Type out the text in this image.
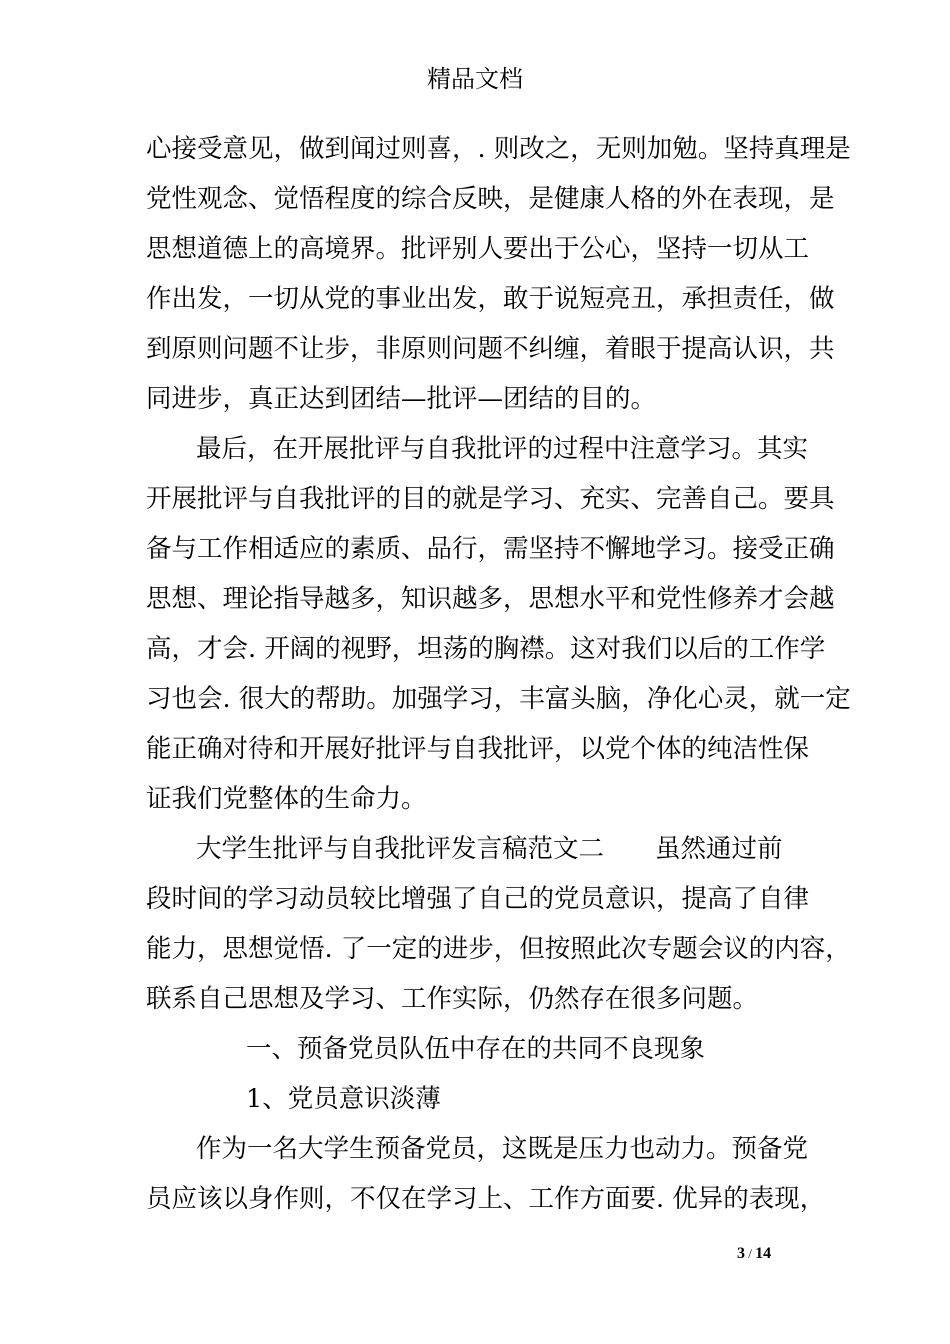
精品文档
心接受意见，做到闻过则喜，. 则改之，无则加勉。坚持真理是
党性观念、觉悟程度的综合反映，是健康人格的外在表现，是
思想道德上的高境界。批评别人要出于公心，坚持一切从工
作出发，一切从党的事业出发，敢于说短亮丑，承担责任，做
到原则问题不让步，非原则问题不纠缠，着眼于提高认识，共
同进步，真正达到团结—批评—团结的目的。
最后，在开展批评与自我批评的过程中注意学习。其实
开展批评与自我批评的目的就是学习、充实、完善自己。要具
备与工作相适应的素质、品行，需坚持不懈地学习。接受正确
思想、理论指导越多，知识越多，思想水平和党性修养才会越
高，才会. 开阔的视野，坦荡的胸襟。这对我们以后的工作学
习也会. 很大的帮助。加强学习，丰富头脑，净化心灵，就一定
能正确对待和开展好批评与自我批评，以党个体的纯洁性保
证我们党整体的生命力。
大学生批评与自我批评发言稿范文二　　虽然通过前
段时间的学习动员较比增强了自己的党员意识，提高了自律
能力，思想觉悟. 了一定的进步，但按照此次专题会议的内容，
联系自己思想及学习、工作实际，仍然存在很多问题。
一、预备党员队伍中存在的共同不良现象
1、党员意识淡薄
作为一名大学生预备党员，这既是压力也动力。预备党
员应该以身作则，不仅在学习上、工作方面要. 优异的表现，
3 / 14
